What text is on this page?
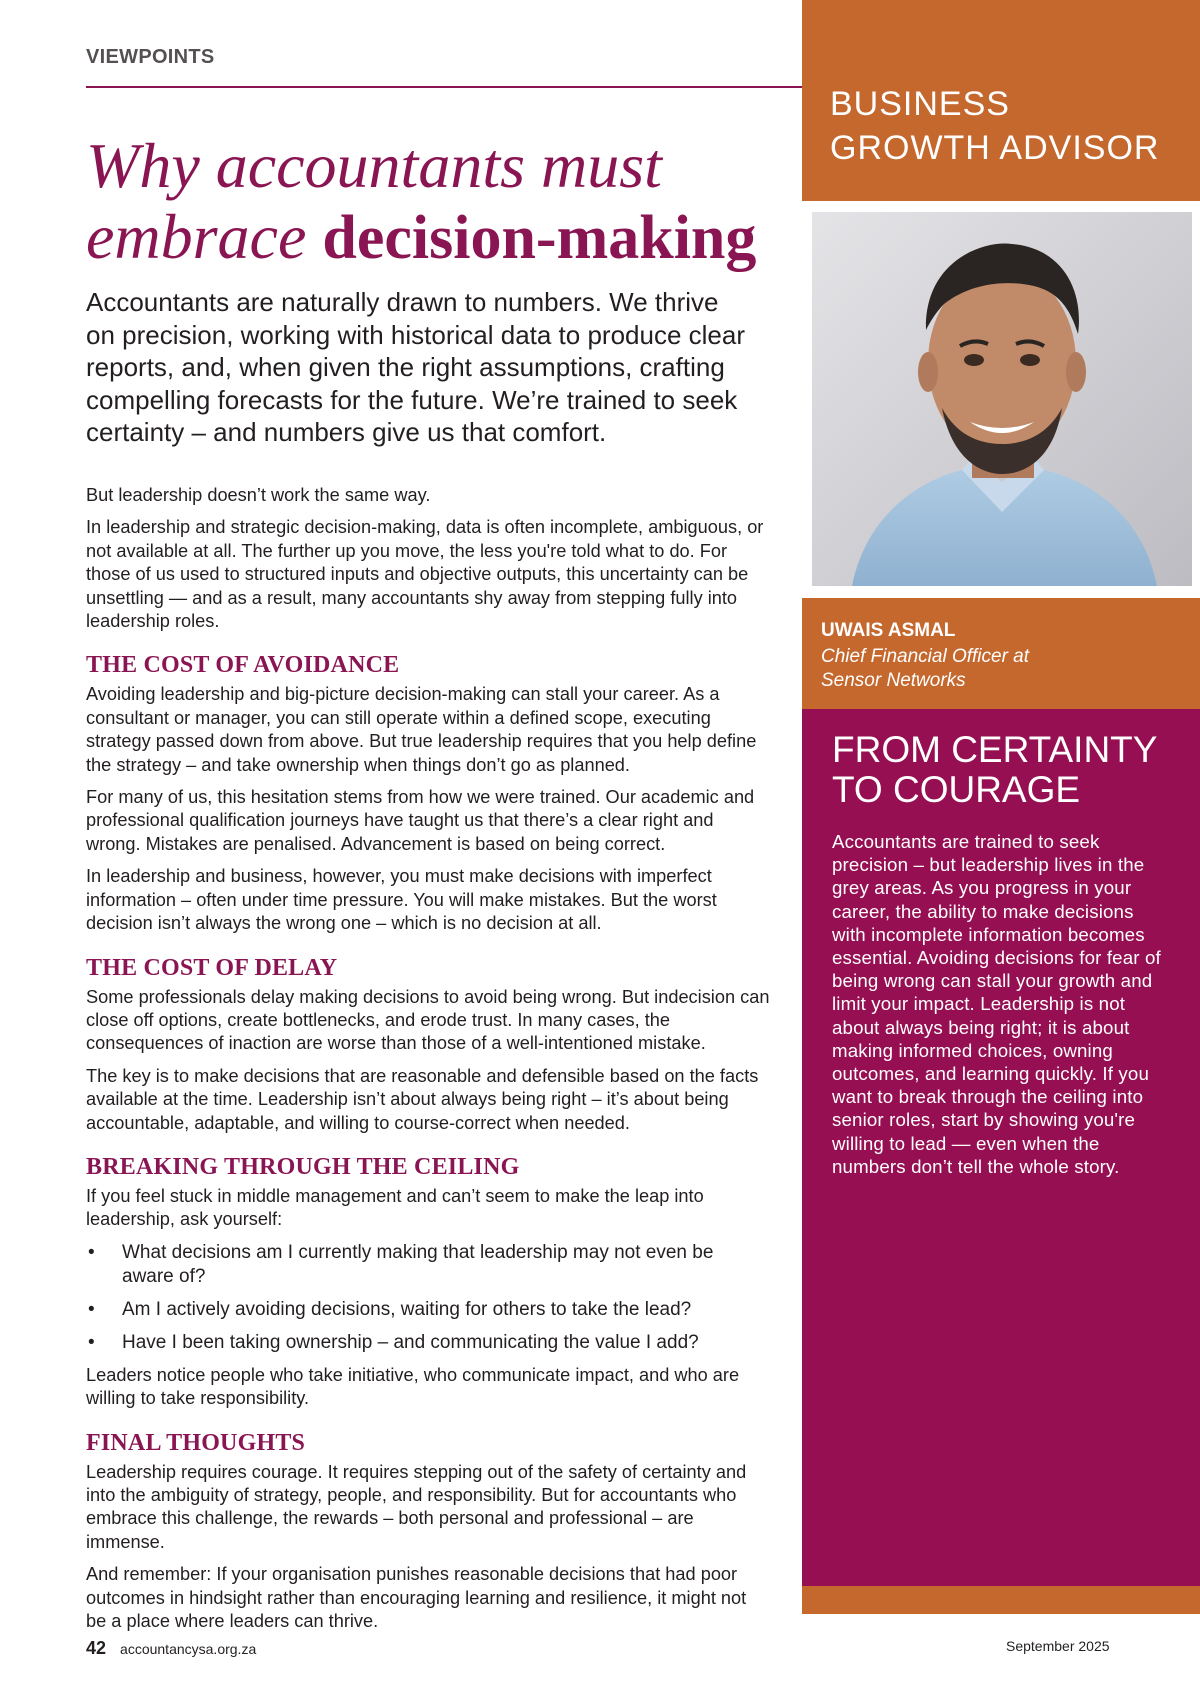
VIEWPOINTS
Why accountants must
embrace decision-making

Accountants are naturally drawn to numbers. We thrive on precision, working with historical data to produce clear reports, and, when given the right assumptions, crafting compelling forecasts for the future. We’re trained to seek certainty – and numbers give us that comfort.

But leadership doesn’t work the same way.

In leadership and strategic decision-making, data is often incomplete, ambiguous, or not available at all. The further up you move, the less you're told what to do. For those of us used to structured inputs and objective outputs, this uncertainty can be unsettling — and as a result, many accountants shy away from stepping fully into leadership roles.

THE COST OF AVOIDANCE

Avoiding leadership and big-picture decision-making can stall your career. As a consultant or manager, you can still operate within a defined scope, executing strategy passed down from above. But true leadership requires that you help define the strategy – and take ownership when things don’t go as planned.

For many of us, this hesitation stems from how we were trained. Our academic and professional qualification journeys have taught us that there’s a clear right and wrong. Mistakes are penalised. Advancement is based on being correct.

In leadership and business, however, you must make decisions with imperfect information – often under time pressure. You will make mistakes. But the worst decision isn’t always the wrong one – which is no decision at all.

THE COST OF DELAY

Some professionals delay making decisions to avoid being wrong. But indecision can close off options, create bottlenecks, and erode trust. In many cases, the consequences of inaction are worse than those of a well-intentioned mistake.

The key is to make decisions that are reasonable and defensible based on the facts available at the time. Leadership isn’t about always being right – it’s about being accountable, adaptable, and willing to course-correct when needed.

BREAKING THROUGH THE CEILING

If you feel stuck in middle management and can’t seem to make the leap into leadership, ask yourself:

• What decisions am I currently making that leadership may not even be aware of?
• Am I actively avoiding decisions, waiting for others to take the lead?
• Have I been taking ownership – and communicating the value I add?

Leaders notice people who take initiative, who communicate impact, and who are willing to take responsibility.

FINAL THOUGHTS

Leadership requires courage. It requires stepping out of the safety of certainty and into the ambiguity of strategy, people, and responsibility. But for accountants who embrace this challenge, the rewards – both personal and professional – are immense.

And remember: If your organisation punishes reasonable decisions that had poor outcomes in hindsight rather than encouraging learning and resilience, it might not be a place where leaders can thrive.

42 accountancysa.org.za	September 2025
BUSINESS
GROWTH ADVISOR
UWAIS ASMAL
Chief Financial Officer at
Sensor Networks
FROM CERTAINTY
TO COURAGE

Accountants are trained to seek precision – but leadership lives in the grey areas. As you progress in your career, the ability to make decisions with incomplete information becomes essential. Avoiding decisions for fear of being wrong can stall your growth and limit your impact. Leadership is not about always being right; it is about making informed choices, owning outcomes, and learning quickly. If you want to break through the ceiling into senior roles, start by showing you're willing to lead — even when the numbers don’t tell the whole story.
